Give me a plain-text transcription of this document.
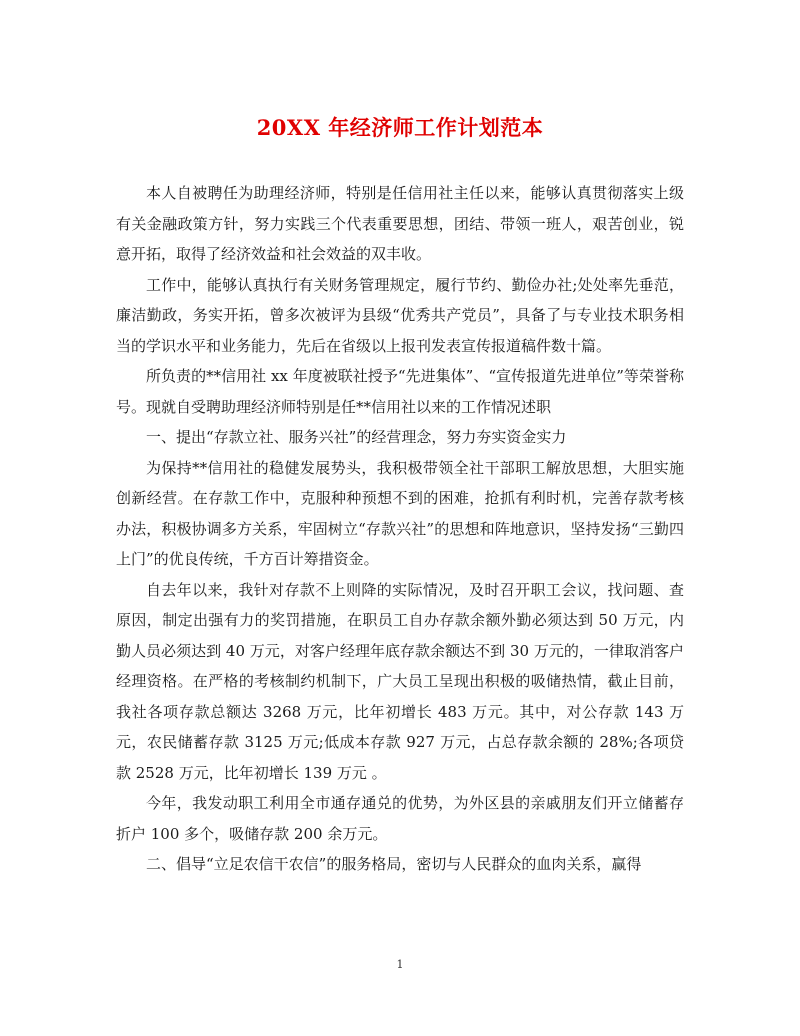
20XX 年经济师工作计划范本

本人自被聘任为助理经济师，特别是任信用社主任以来，能够认真贯彻落实上级有关金融政策方针，努力实践三个代表重要思想，团结、带领一班人，艰苦创业，锐意开拓，取得了经济效益和社会效益的双丰收。

工作中，能够认真执行有关财务管理规定，履行节约、勤俭办社;处处率先垂范，廉洁勤政，务实开拓，曾多次被评为县级“优秀共产党员”，具备了与专业技术职务相当的学识水平和业务能力，先后在省级以上报刊发表宣传报道稿件数十篇。

所负责的**信用社 xx 年度被联社授予“先进集体”、“宣传报道先进单位”等荣誉称号。现就自受聘助理经济师特别是任**信用社以来的工作情况述职

一、提出“存款立社、服务兴社”的经营理念，努力夯实资金实力

为保持**信用社的稳健发展势头，我积极带领全社干部职工解放思想，大胆实施创新经营。在存款工作中，克服种种预想不到的困难，抢抓有利时机，完善存款考核办法，积极协调多方关系，牢固树立“存款兴社”的思想和阵地意识，坚持发扬“三勤四上门”的优良传统，千方百计筹措资金。

自去年以来，我针对存款不上则降的实际情况，及时召开职工会议，找问题、查原因，制定出强有力的奖罚措施，在职员工自办存款余额外勤必须达到 50 万元，内勤人员必须达到 40 万元，对客户经理年底存款余额达不到 30 万元的，一律取消客户经理资格。在严格的考核制约机制下，广大员工呈现出积极的吸储热情，截止目前，我社各项存款总额达 3268 万元，比年初增长 483 万元。其中，对公存款 143 万元，农民储蓄存款 3125 万元;低成本存款 927 万元，占总存款余额的 28%;各项贷款 2528 万元，比年初增长 139 万元 。

今年，我发动职工利用全市通存通兑的优势，为外区县的亲戚朋友们开立储蓄存折户 100 多个，吸储存款 200 余万元。

二、倡导“立足农信干农信”的服务格局，密切与人民群众的血肉关系，赢得

1
